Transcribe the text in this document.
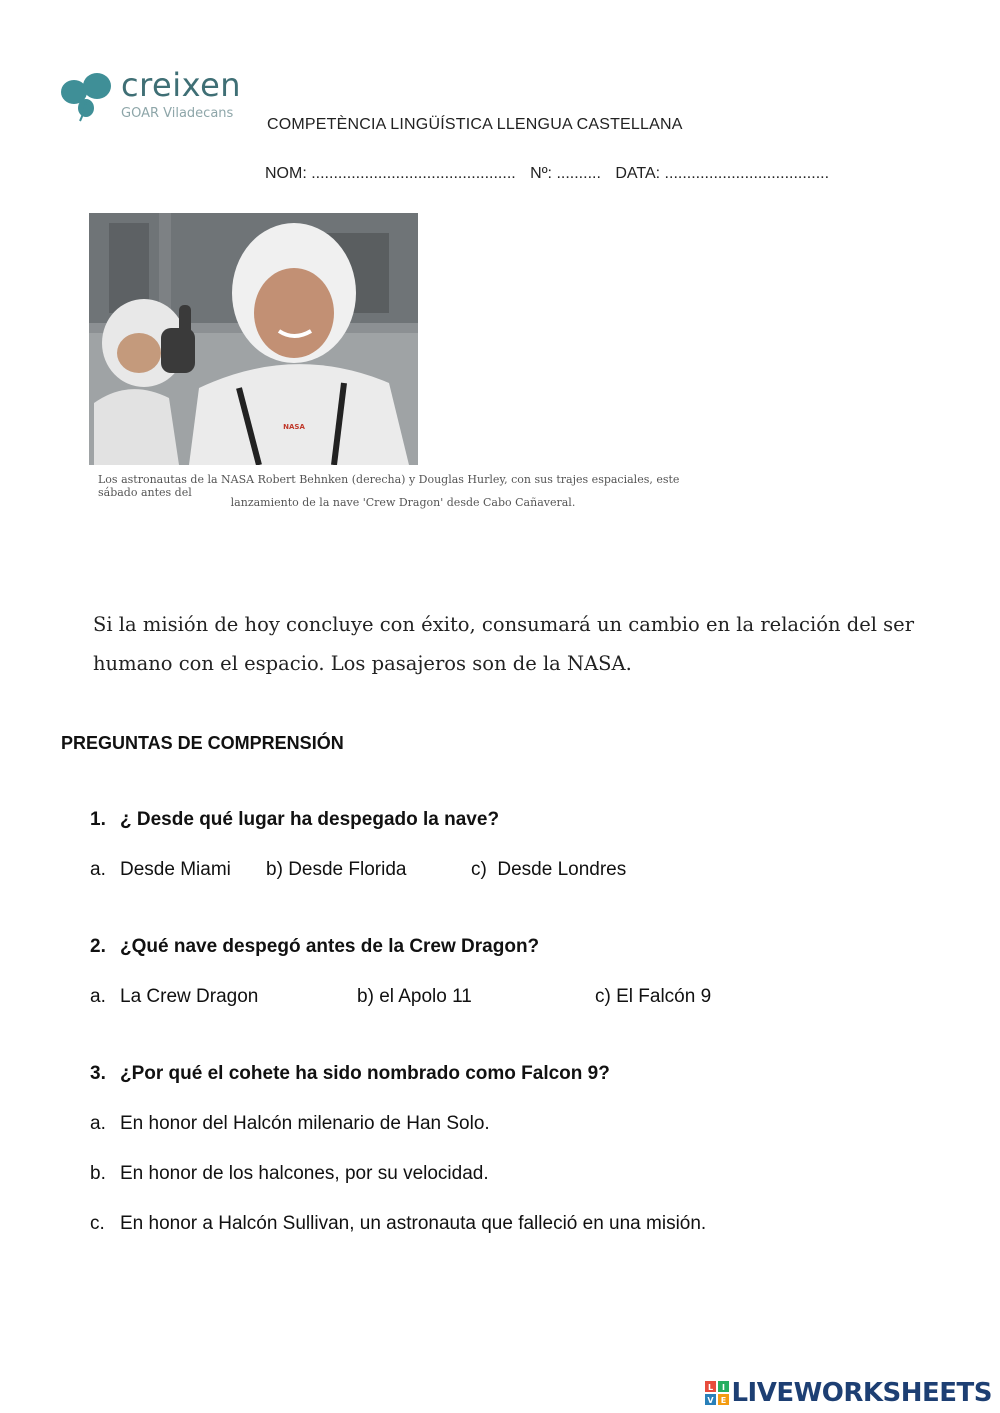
creixen
GOAR Viladecans
COMPETÈNCIA LINGÜÍSTICA LLENGUA CASTELLANA
NOM: .............................................. Nº: .......... DATA: .....................................
NASA
Los astronautas de la NASA Robert Behnken (derecha) y Douglas Hurley, con sus trajes espaciales, este sábado antes del
lanzamiento de la nave 'Crew Dragon' desde Cabo Cañaveral.
Si la misión de hoy concluye con éxito, consumará un cambio en la relación del ser humano con el espacio. Los pasajeros son de la NASA.
PREGUNTAS DE COMPRENSIÓN
1. ¿ Desde qué lugar ha despegado la nave?
a. Desde Miami b) Desde Florida	c) Desde Londres
2. ¿Qué nave despegó antes de la Crew Dragon?
a. La Crew Dragon	b) el Apolo 11	c) El Falcón 9
3. ¿Por qué el cohete ha sido nombrado como Falcon 9?
a. En honor del Halcón milenario de Han Solo.
b. En honor de los halcones, por su velocidad.
c. En honor a Halcón Sullivan, un astronauta que falleció en una misión.
L I
V E LIVEWORKSHEETS
